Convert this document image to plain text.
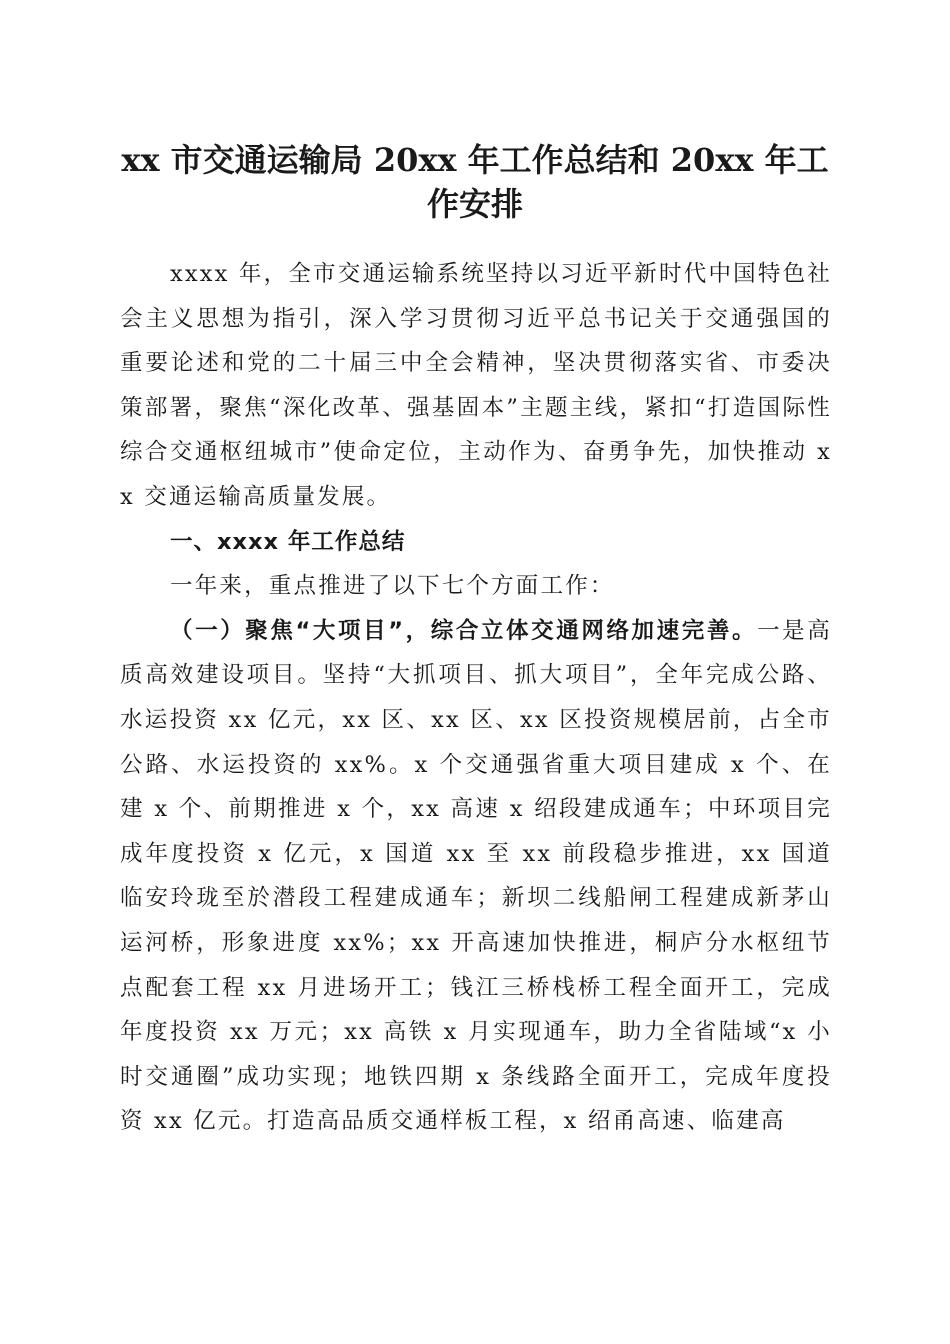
xx 市交通运输局 20xx 年工作总结和 20xx 年工
作安排

xxxx 年，全市交通运输系统坚持以习近平新时代中国特色社会主义思想为指引，深入学习贯彻习近平总书记关于交通强国的重要论述和党的二十届三中全会精神，坚决贯彻落实省、市委决策部署，聚焦“深化改革、强基固本”主题主线，紧扣“打造国际性综合交通枢纽城市”使命定位，主动作为、奋勇争先，加快推动 xx 交通运输高质量发展。

一、xxxx 年工作总结

一年来，重点推进了以下七个方面工作：

（一）聚焦“大项目”，综合立体交通网络加速完善。一是高质高效建设项目。坚持“大抓项目、抓大项目”，全年完成公路、水运投资 xx 亿元，xx 区、xx 区、xx 区投资规模居前，占全市公路、水运投资的 xx%。x 个交通强省重大项目建成 x 个、在建 x 个、前期推进 x 个，xx 高速 x 绍段建成通车；中环项目完成年度投资 x 亿元，x 国道 xx 至 xx 前段稳步推进，xx 国道临安玲珑至於潜段工程建成通车；新坝二线船闸工程建成新茅山运河桥，形象进度 xx%；xx 开高速加快推进，桐庐分水枢纽节点配套工程 xx 月进场开工；钱江三桥栈桥工程全面开工，完成年度投资 xx 万元；xx 高铁 x 月实现通车，助力全省陆域“x 小时交通圈”成功实现；地铁四期 x 条线路全面开工，完成年度投资 xx 亿元。打造高品质交通样板工程，x 绍甬高速、临建高
